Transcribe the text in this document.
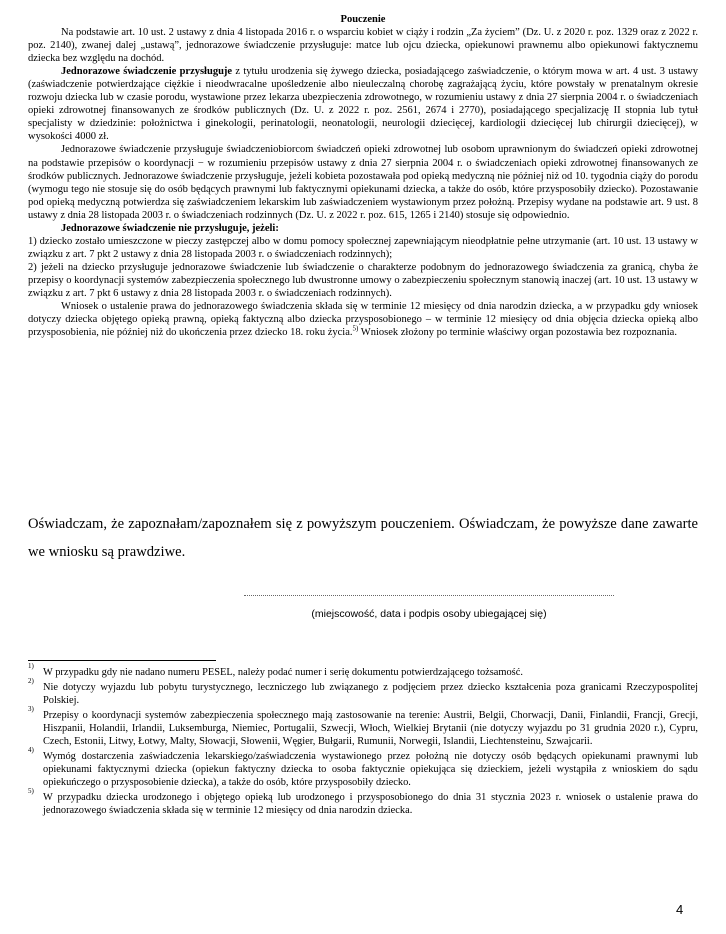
Pouczenie

Na podstawie art. 10 ust. 2 ustawy z dnia 4 listopada 2016 r. o wsparciu kobiet w ciąży i rodzin „Za życiem” (Dz. U. z 2020 r. poz. 1329 oraz z 2022 r. poz. 2140), zwanej dalej „ustawą”, jednorazowe świadczenie przysługuje: matce lub ojcu dziecka, opiekunowi prawnemu albo opiekunowi faktycznemu dziecka bez względu na dochód.

Jednorazowe świadczenie przysługuje z tytułu urodzenia się żywego dziecka, posiadającego zaświadczenie, o którym mowa w art. 4 ust. 3 ustawy (zaświadczenie potwierdzające ciężkie i nieodwracalne upośledzenie albo nieuleczalną chorobę zagrażającą życiu, które powstały w prenatalnym okresie rozwoju dziecka lub w czasie porodu, wystawione przez lekarza ubezpieczenia zdrowotnego, w rozumieniu ustawy z dnia 27 sierpnia 2004 r. o świadczeniach opieki zdrowotnej finansowanych ze środków publicznych (Dz. U. z 2022 r. poz. 2561, 2674 i 2770), posiadającego specjalizację II stopnia lub tytuł specjalisty w dziedzinie: położnictwa i ginekologii, perinatologii, neonatologii, neurologii dziecięcej, kardiologii dziecięcej lub chirurgii dziecięcej), w wysokości 4000 zł.

Jednorazowe świadczenie przysługuje świadczeniobiorcom świadczeń opieki zdrowotnej lub osobom uprawnionym do świadczeń opieki zdrowotnej na podstawie przepisów o koordynacji − w rozumieniu przepisów ustawy z dnia 27 sierpnia 2004 r. o świadczeniach opieki zdrowotnej finansowanych ze środków publicznych. Jednorazowe świadczenie przysługuje, jeżeli kobieta pozostawała pod opieką medyczną nie później niż od 10. tygodnia ciąży do porodu (wymogu tego nie stosuje się do osób będących prawnymi lub faktycznymi opiekunami dziecka, a także do osób, które przysposobiły dziecko). Pozostawanie pod opieką medyczną potwierdza się zaświadczeniem lekarskim lub zaświadczeniem wystawionym przez położną. Przepisy wydane na podstawie art. 9 ust. 8 ustawy z dnia 28 listopada 2003 r. o świadczeniach rodzinnych (Dz. U. z 2022 r. poz. 615, 1265 i 2140) stosuje się odpowiednio.

Jednorazowe świadczenie nie przysługuje, jeżeli:

1) dziecko zostało umieszczone w pieczy zastępczej albo w domu pomocy społecznej zapewniającym nieodpłatnie pełne utrzymanie (art. 10 ust. 13 ustawy w związku z art. 7 pkt 2 ustawy z dnia 28 listopada 2003 r. o świadczeniach rodzinnych);

2) jeżeli na dziecko przysługuje jednorazowe świadczenie lub świadczenie o charakterze podobnym do jednorazowego świadczenia za granicą, chyba że przepisy o koordynacji systemów zabezpieczenia społecznego lub dwustronne umowy o zabezpieczeniu społecznym stanowią inaczej (art. 10 ust. 13 ustawy w związku z art. 7 pkt 6 ustawy z dnia 28 listopada 2003 r. o świadczeniach rodzinnych).

Wniosek o ustalenie prawa do jednorazowego świadczenia składa się w terminie 12 miesięcy od dnia narodzin dziecka, a w przypadku gdy wniosek dotyczy dziecka objętego opieką prawną, opieką faktyczną albo dziecka przysposobionego – w terminie 12 miesięcy od dnia objęcia dziecka opieką albo przysposobienia, nie później niż do ukończenia przez dziecko 18. roku życia.$^{5)}$ Wniosek złożony po terminie właściwy organ pozostawia bez rozpoznania.

Oświadczam, że zapoznałam/zapoznałem się z powyższym pouczeniem. Oświadczam, że powyższe dane zawarte we wniosku są prawdziwe.
(miejscowość, data i podpis osoby ubiegającej się)

1)
W przypadku gdy nie nadano numeru PESEL, należy podać numer i serię dokumentu potwierdzającego tożsamość.

2)
Nie dotyczy wyjazdu lub pobytu turystycznego, leczniczego lub związanego z podjęciem przez dziecko kształcenia poza granicami Rzeczypospolitej Polskiej.

3)
Przepisy o koordynacji systemów zabezpieczenia społecznego mają zastosowanie na terenie: Austrii, Belgii, Chorwacji, Danii, Finlandii, Francji, Grecji, Hiszpanii, Holandii, Irlandii, Luksemburga, Niemiec, Portugalii, Szwecji, Włoch, Wielkiej Brytanii (nie dotyczy wyjazdu po 31 grudnia 2020 r.), Cypru, Czech, Estonii, Litwy, Łotwy, Malty, Słowacji, Słowenii, Węgier, Bułgarii, Rumunii, Norwegii, Islandii, Liechtensteinu, Szwajcarii.

4)
Wymóg dostarczenia zaświadczenia lekarskiego/zaświadczenia wystawionego przez położną nie dotyczy osób będących opiekunami prawnymi lub opiekunami faktycznymi dziecka (opiekun faktyczny dziecka to osoba faktycznie opiekująca się dzieckiem, jeżeli wystąpiła z wnioskiem do sądu opiekuńczego o przysposobienie dziecka), a także do osób, które przysposobiły dziecko.

5)
W przypadku dziecka urodzonego i objętego opieką lub urodzonego i przysposobionego do dnia 31 stycznia 2023 r. wniosek o ustalenie prawa do jednorazowego świadczenia składa się w terminie 12 miesięcy od dnia narodzin dziecka.

4
